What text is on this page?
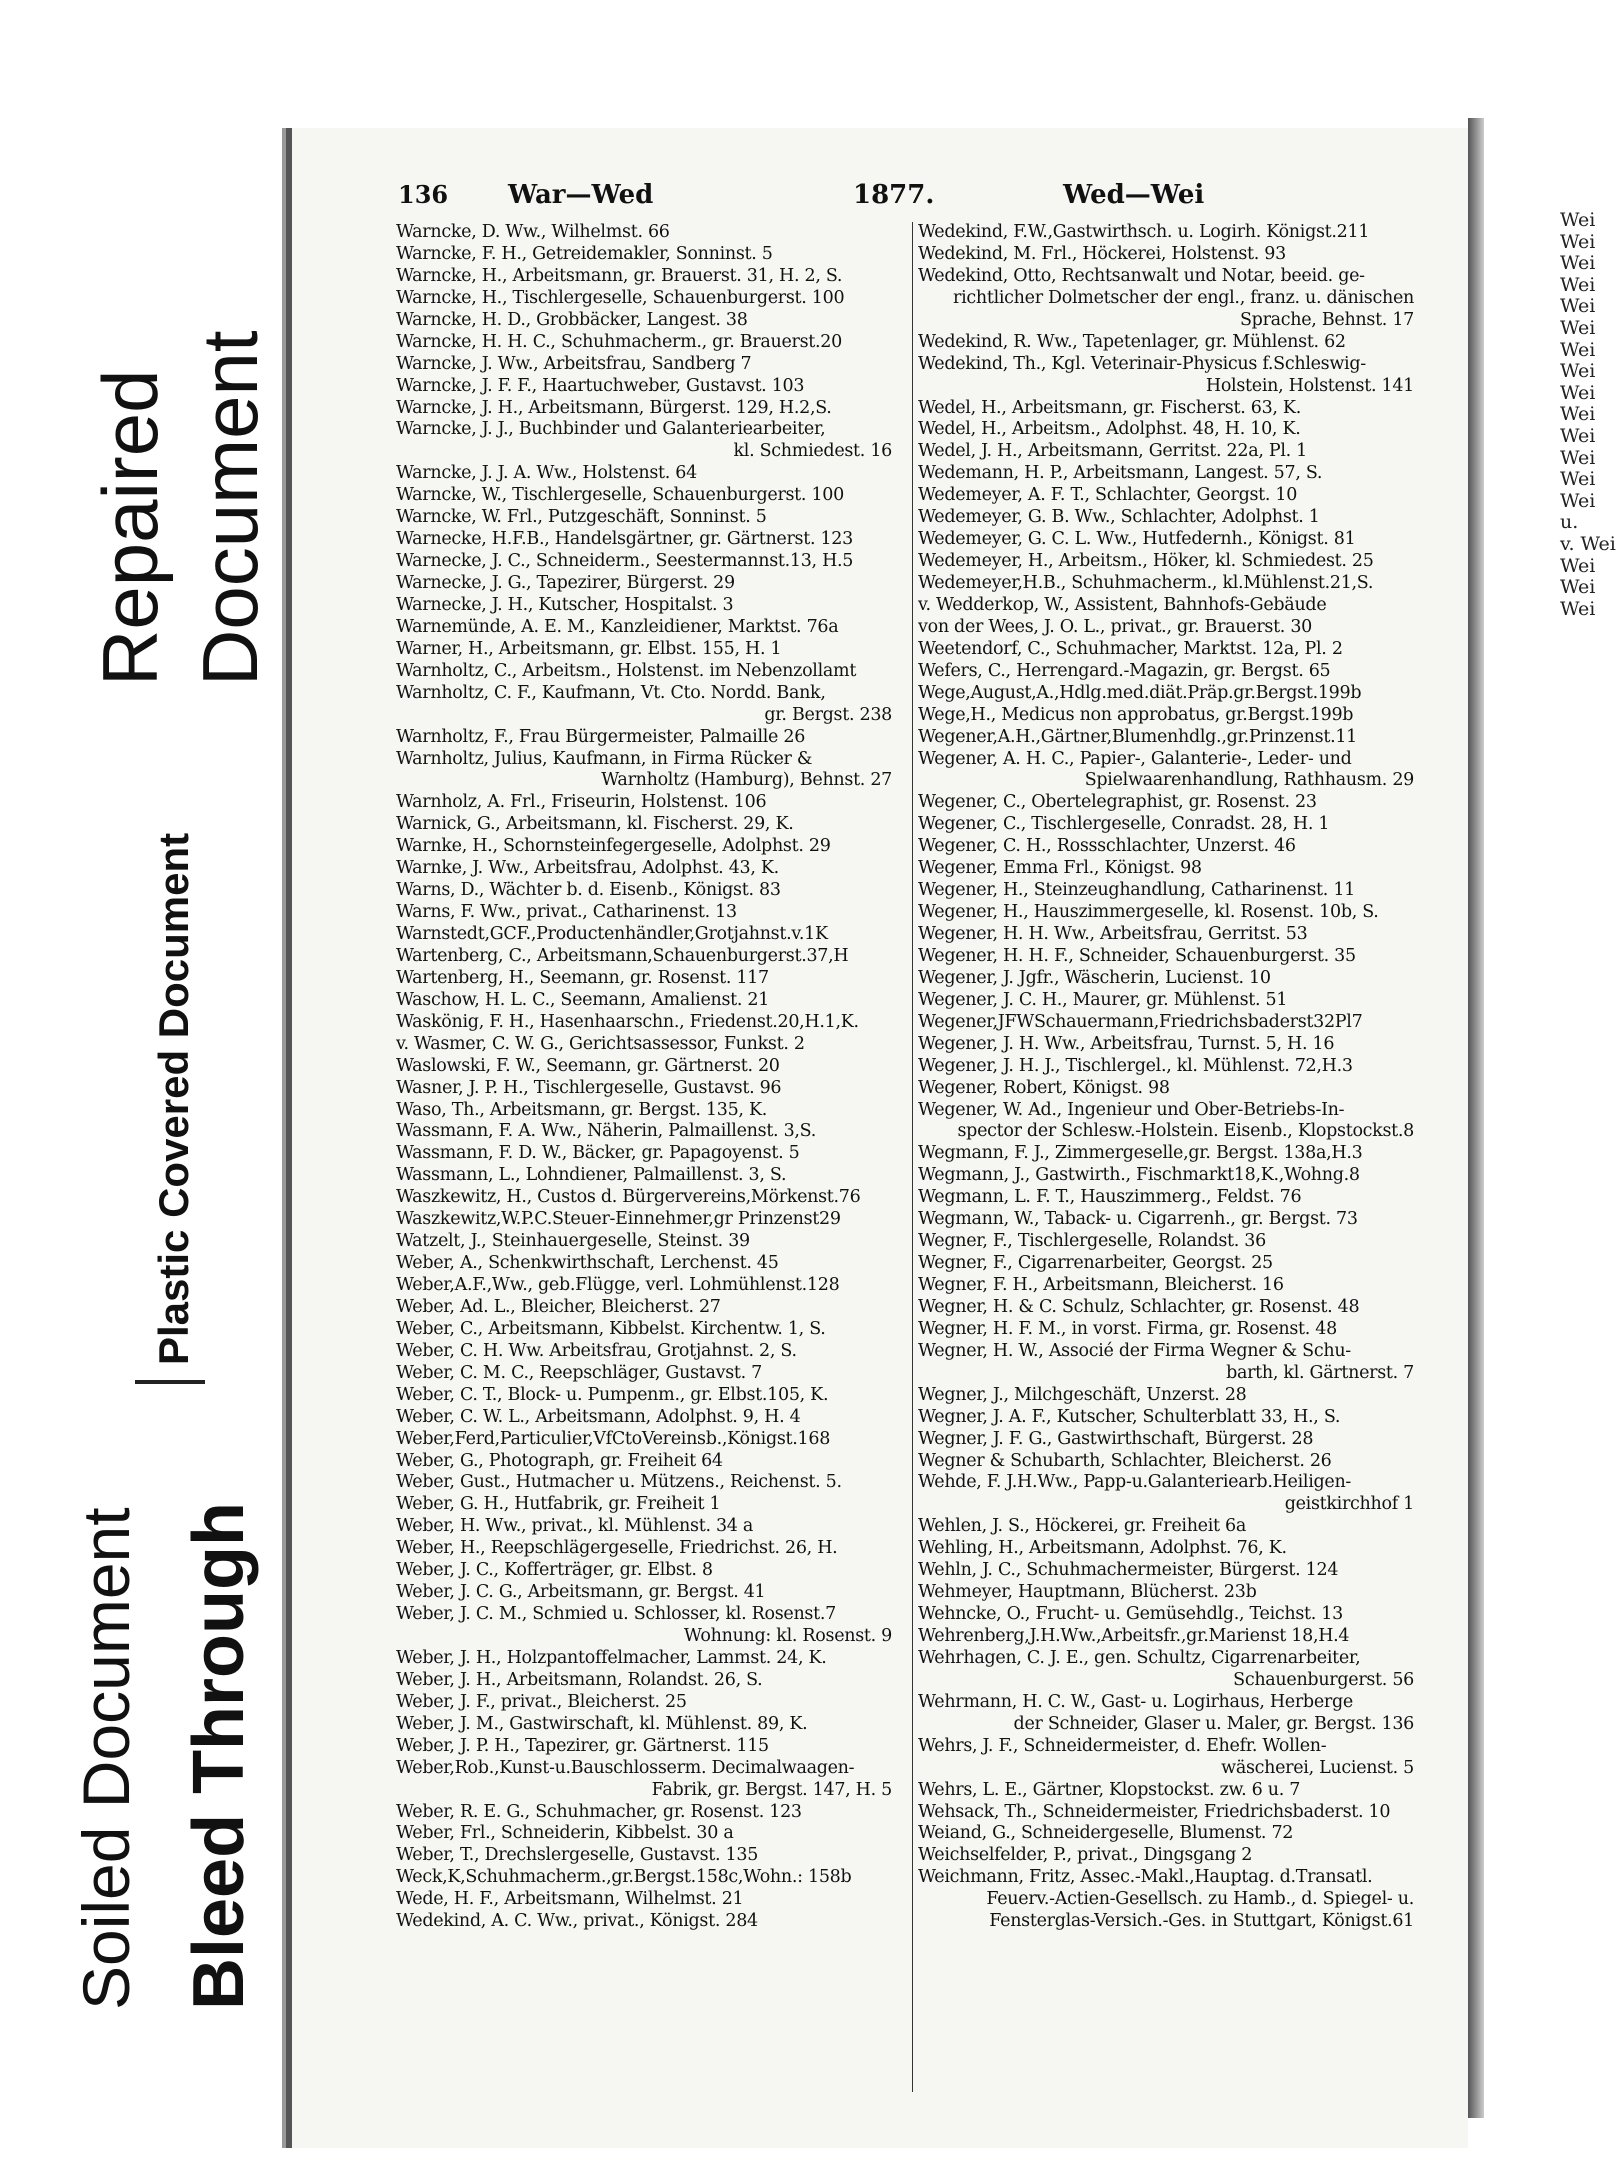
Repaired Document
Plastic Covered Document
Soiled Document Bleed Through
Wei
Wei
Wei
Wei
Wei
Wei
Wei
Wei
Wei
Wei
Wei
Wei
Wei
Wei
u.
v. Wei
Wei
Wei
Wei
136 War—Wed	1877.	Wed—Wei
Warncke, D. Ww., Wilhelmst. 66
Warncke, F. H., Getreidemakler, Sonninst. 5
Warncke, H., Arbeitsmann, gr. Brauerst. 31, H. 2, S.
Warncke, H., Tischlergeselle, Schauenburgerst. 100
Warncke, H. D., Grobbäcker, Langest. 38
Warncke, H. H. C., Schuhmacherm., gr. Brauerst.20
Warncke, J. Ww., Arbeitsfrau, Sandberg 7
Warncke, J. F. F., Haartuchweber, Gustavst. 103
Warncke, J. H., Arbeitsmann, Bürgerst. 129, H.2,S.
Warncke, J. J., Buchbinder und Galanteriearbeiter,
kl. Schmiedest. 16
Warncke, J. J. A. Ww., Holstenst. 64
Warncke, W., Tischlergeselle, Schauenburgerst. 100
Warncke, W. Frl., Putzgeschäft, Sonninst. 5
Warnecke, H.F.B., Handelsgärtner, gr. Gärtnerst. 123
Warnecke, J. C., Schneiderm., Seestermannst.13, H.5
Warnecke, J. G., Tapezirer, Bürgerst. 29
Warnecke, J. H., Kutscher, Hospitalst. 3
Warnemünde, A. E. M., Kanzleidiener, Marktst. 76a
Warner, H., Arbeitsmann, gr. Elbst. 155, H. 1
Warnholtz, C., Arbeitsm., Holstenst. im Nebenzollamt
Warnholtz, C. F., Kaufmann, Vt. Cto. Nordd. Bank,
gr. Bergst. 238
Warnholtz, F., Frau Bürgermeister, Palmaille 26
Warnholtz, Julius, Kaufmann, in Firma Rücker &
Warnholtz (Hamburg), Behnst. 27
Warnholz, A. Frl., Friseurin, Holstenst. 106
Warnick, G., Arbeitsmann, kl. Fischerst. 29, K.
Warnke, H., Schornsteinfegergeselle, Adolphst. 29
Warnke, J. Ww., Arbeitsfrau, Adolphst. 43, K.
Warns, D., Wächter b. d. Eisenb., Königst. 83
Warns, F. Ww., privat., Catharinenst. 13
Warnstedt,GCF.,Productenhändler,Grotjahnst.v.1K
Wartenberg, C., Arbeitsmann,Schauenburgerst.37,H
Wartenberg, H., Seemann, gr. Rosenst. 117
Waschow, H. L. C., Seemann, Amalienst. 21
Waskönig, F. H., Hasenhaarschn., Friedenst.20,H.1,K.
v. Wasmer, C. W. G., Gerichtsassessor, Funkst. 2
Waslowski, F. W., Seemann, gr. Gärtnerst. 20
Wasner, J. P. H., Tischlergeselle, Gustavst. 96
Waso, Th., Arbeitsmann, gr. Bergst. 135, K.
Wassmann, F. A. Ww., Näherin, Palmaillenst. 3,S.
Wassmann, F. D. W., Bäcker, gr. Papagoyenst. 5
Wassmann, L., Lohndiener, Palmaillenst. 3, S.
Waszkewitz, H., Custos d. Bürgervereins,Mörkenst.76
Waszkewitz,W.P.C.Steuer-Einnehmer,gr Prinzenst29
Watzelt, J., Steinhauergeselle, Steinst. 39
Weber, A., Schenkwirthschaft, Lerchenst. 45
Weber,A.F.,Ww., geb.Flügge, verl. Lohmühlenst.128
Weber, Ad. L., Bleicher, Bleicherst. 27
Weber, C., Arbeitsmann, Kibbelst. Kirchentw. 1, S.
Weber, C. H. Ww. Arbeitsfrau, Grotjahnst. 2, S.
Weber, C. M. C., Reepschläger, Gustavst. 7
Weber, C. T., Block- u. Pumpenm., gr. Elbst.105, K.
Weber, C. W. L., Arbeitsmann, Adolphst. 9, H. 4
Weber,Ferd,Particulier,VfCtoVereinsb.,Königst.168
Weber, G., Photograph, gr. Freiheit 64
Weber, Gust., Hutmacher u. Mützens., Reichenst. 5.
Weber, G. H., Hutfabrik, gr. Freiheit 1
Weber, H. Ww., privat., kl. Mühlenst. 34 a
Weber, H., Reepschlägergeselle, Friedrichst. 26, H.
Weber, J. C., Kofferträger, gr. Elbst. 8
Weber, J. C. G., Arbeitsmann, gr. Bergst. 41
Weber, J. C. M., Schmied u. Schlosser, kl. Rosenst.7
Wohnung: kl. Rosenst. 9
Weber, J. H., Holzpantoffelmacher, Lammst. 24, K.
Weber, J. H., Arbeitsmann, Rolandst. 26, S.
Weber, J. F., privat., Bleicherst. 25
Weber, J. M., Gastwirschaft, kl. Mühlenst. 89, K.
Weber, J. P. H., Tapezirer, gr. Gärtnerst. 115
Weber,Rob.,Kunst-u.Bauschlosserm. Decimalwaagen-
Fabrik, gr. Bergst. 147, H. 5
Weber, R. E. G., Schuhmacher, gr. Rosenst. 123
Weber, Frl., Schneiderin, Kibbelst. 30 a
Weber, T., Drechslergeselle, Gustavst. 135
Weck,K,Schuhmacherm.,gr.Bergst.158c,Wohn.: 158b
Wede, H. F., Arbeitsmann, Wilhelmst. 21
Wedekind, A. C. Ww., privat., Königst. 284
Wedekind, F.W.,Gastwirthsch. u. Logirh. Königst.211
Wedekind, M. Frl., Höckerei, Holstenst. 93
Wedekind, Otto, Rechtsanwalt und Notar, beeid. ge-
richtlicher Dolmetscher der engl., franz. u. dänischen
Sprache, Behnst. 17
Wedekind, R. Ww., Tapetenlager, gr. Mühlenst. 62
Wedekind, Th., Kgl. Veterinair-Physicus f.Schleswig-
Holstein, Holstenst. 141
Wedel, H., Arbeitsmann, gr. Fischerst. 63, K.
Wedel, H., Arbeitsm., Adolphst. 48, H. 10, K.
Wedel, J. H., Arbeitsmann, Gerritst. 22a, Pl. 1
Wedemann, H. P., Arbeitsmann, Langest. 57, S.
Wedemeyer, A. F. T., Schlachter, Georgst. 10
Wedemeyer, G. B. Ww., Schlachter, Adolphst. 1
Wedemeyer, G. C. L. Ww., Hutfedernh., Königst. 81
Wedemeyer, H., Arbeitsm., Höker, kl. Schmiedest. 25
Wedemeyer,H.B., Schuhmacherm., kl.Mühlenst.21,S.
v. Wedderkop, W., Assistent, Bahnhofs-Gebäude
von der Wees, J. O. L., privat., gr. Brauerst. 30
Weetendorf, C., Schuhmacher, Marktst. 12a, Pl. 2
Wefers, C., Herrengard.-Magazin, gr. Bergst. 65
Wege,August,A.,Hdlg.med.diät.Präp.gr.Bergst.199b
Wege,H., Medicus non approbatus, gr.Bergst.199b
Wegener,A.H.,Gärtner,Blumenhdlg.,gr.Prinzenst.11
Wegener, A. H. C., Papier-, Galanterie-, Leder- und
Spielwaarenhandlung, Rathhausm. 29
Wegener, C., Obertelegraphist, gr. Rosenst. 23
Wegener, C., Tischlergeselle, Conradst. 28, H. 1
Wegener, C. H., Rossschlachter, Unzerst. 46
Wegener, Emma Frl., Königst. 98
Wegener, H., Steinzeughandlung, Catharinenst. 11
Wegener, H., Hauszimmergeselle, kl. Rosenst. 10b, S.
Wegener, H. H. Ww., Arbeitsfrau, Gerritst. 53
Wegener, H. H. F., Schneider, Schauenburgerst. 35
Wegener, J. Jgfr., Wäscherin, Lucienst. 10
Wegener, J. C. H., Maurer, gr. Mühlenst. 51
Wegener,JFWSchauermann,Friedrichsbaderst32Pl7
Wegener, J. H. Ww., Arbeitsfrau, Turnst. 5, H. 16
Wegener, J. H. J., Tischlergel., kl. Mühlenst. 72,H.3
Wegener, Robert, Königst. 98
Wegener, W. Ad., Ingenieur und Ober-Betriebs-In-
spector der Schlesw.-Holstein. Eisenb., Klopstockst.8
Wegmann, F. J., Zimmergeselle,gr. Bergst. 138a,H.3
Wegmann, J., Gastwirth., Fischmarkt18,K.,Wohng.8
Wegmann, L. F. T., Hauszimmerg., Feldst. 76
Wegmann, W., Taback- u. Cigarrenh., gr. Bergst. 73
Wegner, F., Tischlergeselle, Rolandst. 36
Wegner, F., Cigarrenarbeiter, Georgst. 25
Wegner, F. H., Arbeitsmann, Bleicherst. 16
Wegner, H. & C. Schulz, Schlachter, gr. Rosenst. 48
Wegner, H. F. M., in vorst. Firma, gr. Rosenst. 48
Wegner, H. W., Associé der Firma Wegner & Schu-
barth, kl. Gärtnerst. 7
Wegner, J., Milchgeschäft, Unzerst. 28
Wegner, J. A. F., Kutscher, Schulterblatt 33, H., S.
Wegner, J. F. G., Gastwirthschaft, Bürgerst. 28
Wegner & Schubarth, Schlachter, Bleicherst. 26
Wehde, F. J.H.Ww., Papp-u.Galanteriearb.Heiligen-
geistkirchhof 1
Wehlen, J. S., Höckerei, gr. Freiheit 6a
Wehling, H., Arbeitsmann, Adolphst. 76, K.
Wehln, J. C., Schuhmachermeister, Bürgerst. 124
Wehmeyer, Hauptmann, Blücherst. 23b
Wehncke, O., Frucht- u. Gemüsehdlg., Teichst. 13
Wehrenberg,J.H.Ww.,Arbeitsfr.,gr.Marienst 18,H.4
Wehrhagen, C. J. E., gen. Schultz, Cigarrenarbeiter,
Schauenburgerst. 56
Wehrmann, H. C. W., Gast- u. Logirhaus, Herberge
der Schneider, Glaser u. Maler, gr. Bergst. 136
Wehrs, J. F., Schneidermeister, d. Ehefr. Wollen-
wäscherei, Lucienst. 5
Wehrs, L. E., Gärtner, Klopstockst. zw. 6 u. 7
Wehsack, Th., Schneidermeister, Friedrichsbaderst. 10
Weiand, G., Schneidergeselle, Blumenst. 72
Weichselfelder, P., privat., Dingsgang 2
Weichmann, Fritz, Assec.-Makl.,Hauptag. d.Transatl.
Feuerv.-Actien-Gesellsch. zu Hamb., d. Spiegel- u.
Fensterglas-Versich.-Ges. in Stuttgart, Königst.61
